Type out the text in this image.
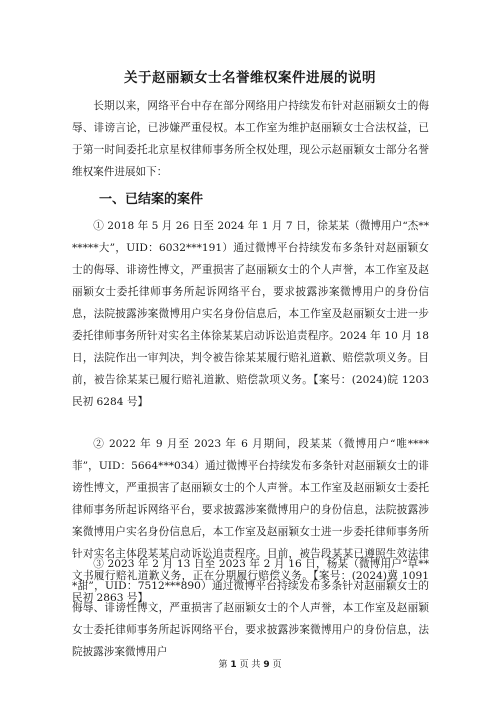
关于赵丽颖女士名誉维权案件进展的说明

长期以来，网络平台中存在部分网络用户持续发布针对赵丽颖女士的侮辱、诽谤言论，已涉嫌严重侵权。本工作室为维护赵丽颖女士合法权益，已于第一时间委托北京星权律师事务所全权处理，现公示赵丽颖女士部分名誉维权案件进展如下：

一、已结案的案件

① 2018 年 5 月 26 日至 2024 年 1 月 7 日，徐某某（微博用户“杰*******大”，UID：6032***191）通过微博平台持续发布多条针对赵丽颖女士的侮辱、诽谤性博文，严重损害了赵丽颖女士的个人声誉，本工作室及赵丽颖女士委托律师事务所起诉网络平台，要求披露涉案微博用户的身份信息，法院披露涉案微博用户实名身份信息后，本工作室及赵丽颖女士进一步委托律师事务所针对实名主体徐某某启动诉讼追责程序。2024 年 10 月 18 日，法院作出一审判决，判令被告徐某某履行赔礼道歉、赔偿款项义务。目前，被告徐某某已履行赔礼道歉、赔偿款项义务。【案号：(2024)皖 1203 民初 6284 号】

② 2022 年 9 月至 2023 年 6 月期间，段某某（微博用户“唯****菲”，UID：5664***034）通过微博平台持续发布多条针对赵丽颖女士的诽谤性博文，严重损害了赵丽颖女士的个人声誉。本工作室及赵丽颖女士委托律师事务所起诉网络平台，要求披露涉案微博用户的身份信息，法院披露涉案微博用户实名身份信息后，本工作室及赵丽颖女士进一步委托律师事务所针对实名主体段某某启动诉讼追责程序。目前，被告段某某已遵照生效法律文书履行赔礼道歉义务，正在分期履行赔偿义务。【案号：(2024)冀 1091 民初 2863 号】

③ 2023 年 2 月 13 日至 2023 年 2 月 16 日，杨某（微博用户“草***甜”，UID：7512***890）通过微博平台持续发布多条针对赵丽颖女士的侮辱、诽谤性博文，严重损害了赵丽颖女士的个人声誉，本工作室及赵丽颖女士委托律师事务所起诉网络平台，要求披露涉案微博用户的身份信息，法院披露涉案微博用户

第 1 页 共 9 页
